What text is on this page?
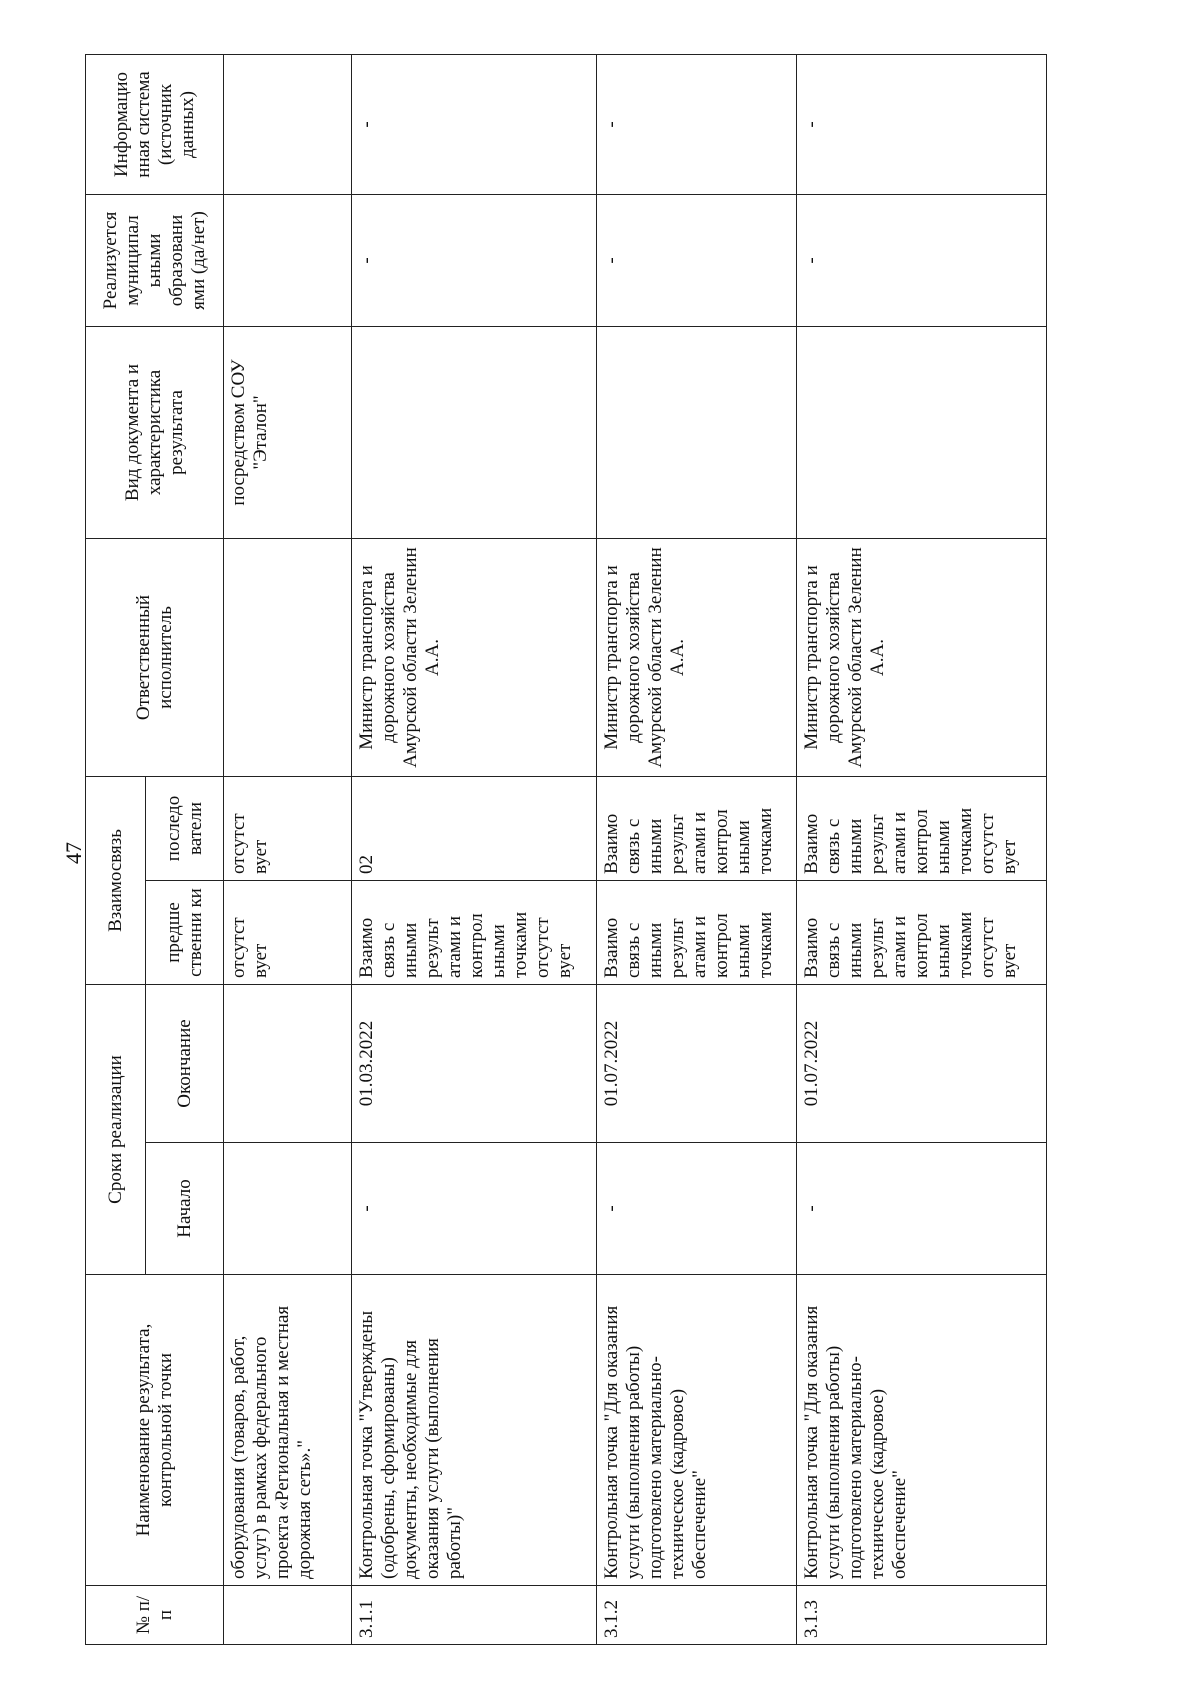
47
№ п/п	Наименование результата, контрольной точки	Сроки реализации		Взаимосвязь		Ответственный исполнитель	Вид документа и характеристика результата	Реализуется муниципал ьными образовани ями (да/нет)	Информацио нная система (источник данных)
		Начало	Окончание	предше ственни ки	последо ватели				
	оборудования (товаров, работ, услуг) в рамках федерального проекта «Региональная и местная дорожная сеть»."			отсутст вует	отсутст вует		посредством СОУ "Эталон"		
3.1.1	Контрольная точка "Утверждены (одобрены, сформированы) документы, необходимые для оказания услуги (выполнения работы)"	-	01.03.2022	Взаимо связь с иными результ атами и контрол ьными точками отсутст вует	02	Министр транспорта и дорожного хозяйства Амурской области Зеленин А.А.		-	-
3.1.2	Контрольная точка "Для оказания услуги (выполнения работы) подготовлено материально-техническое (кадровое) обеспечение"	-	01.07.2022	Взаимо связь с иными результ атами и контрол ьными точками	Взаимо связь с иными результ атами и контрол ьными точками	Министр транспорта и дорожного хозяйства Амурской области Зеленин А.А.		-	-
3.1.3	Контрольная точка "Для оказания услуги (выполнения работы) подготовлено материально-техническое (кадровое) обеспечение"	-	01.07.2022	Взаимо связь с иными результ атами и контрол ьными точками отсутст вует	Взаимо связь с иными результ атами и контрол ьными точками отсутст вует	Министр транспорта и дорожного хозяйства Амурской области Зеленин А.А.		-	-
